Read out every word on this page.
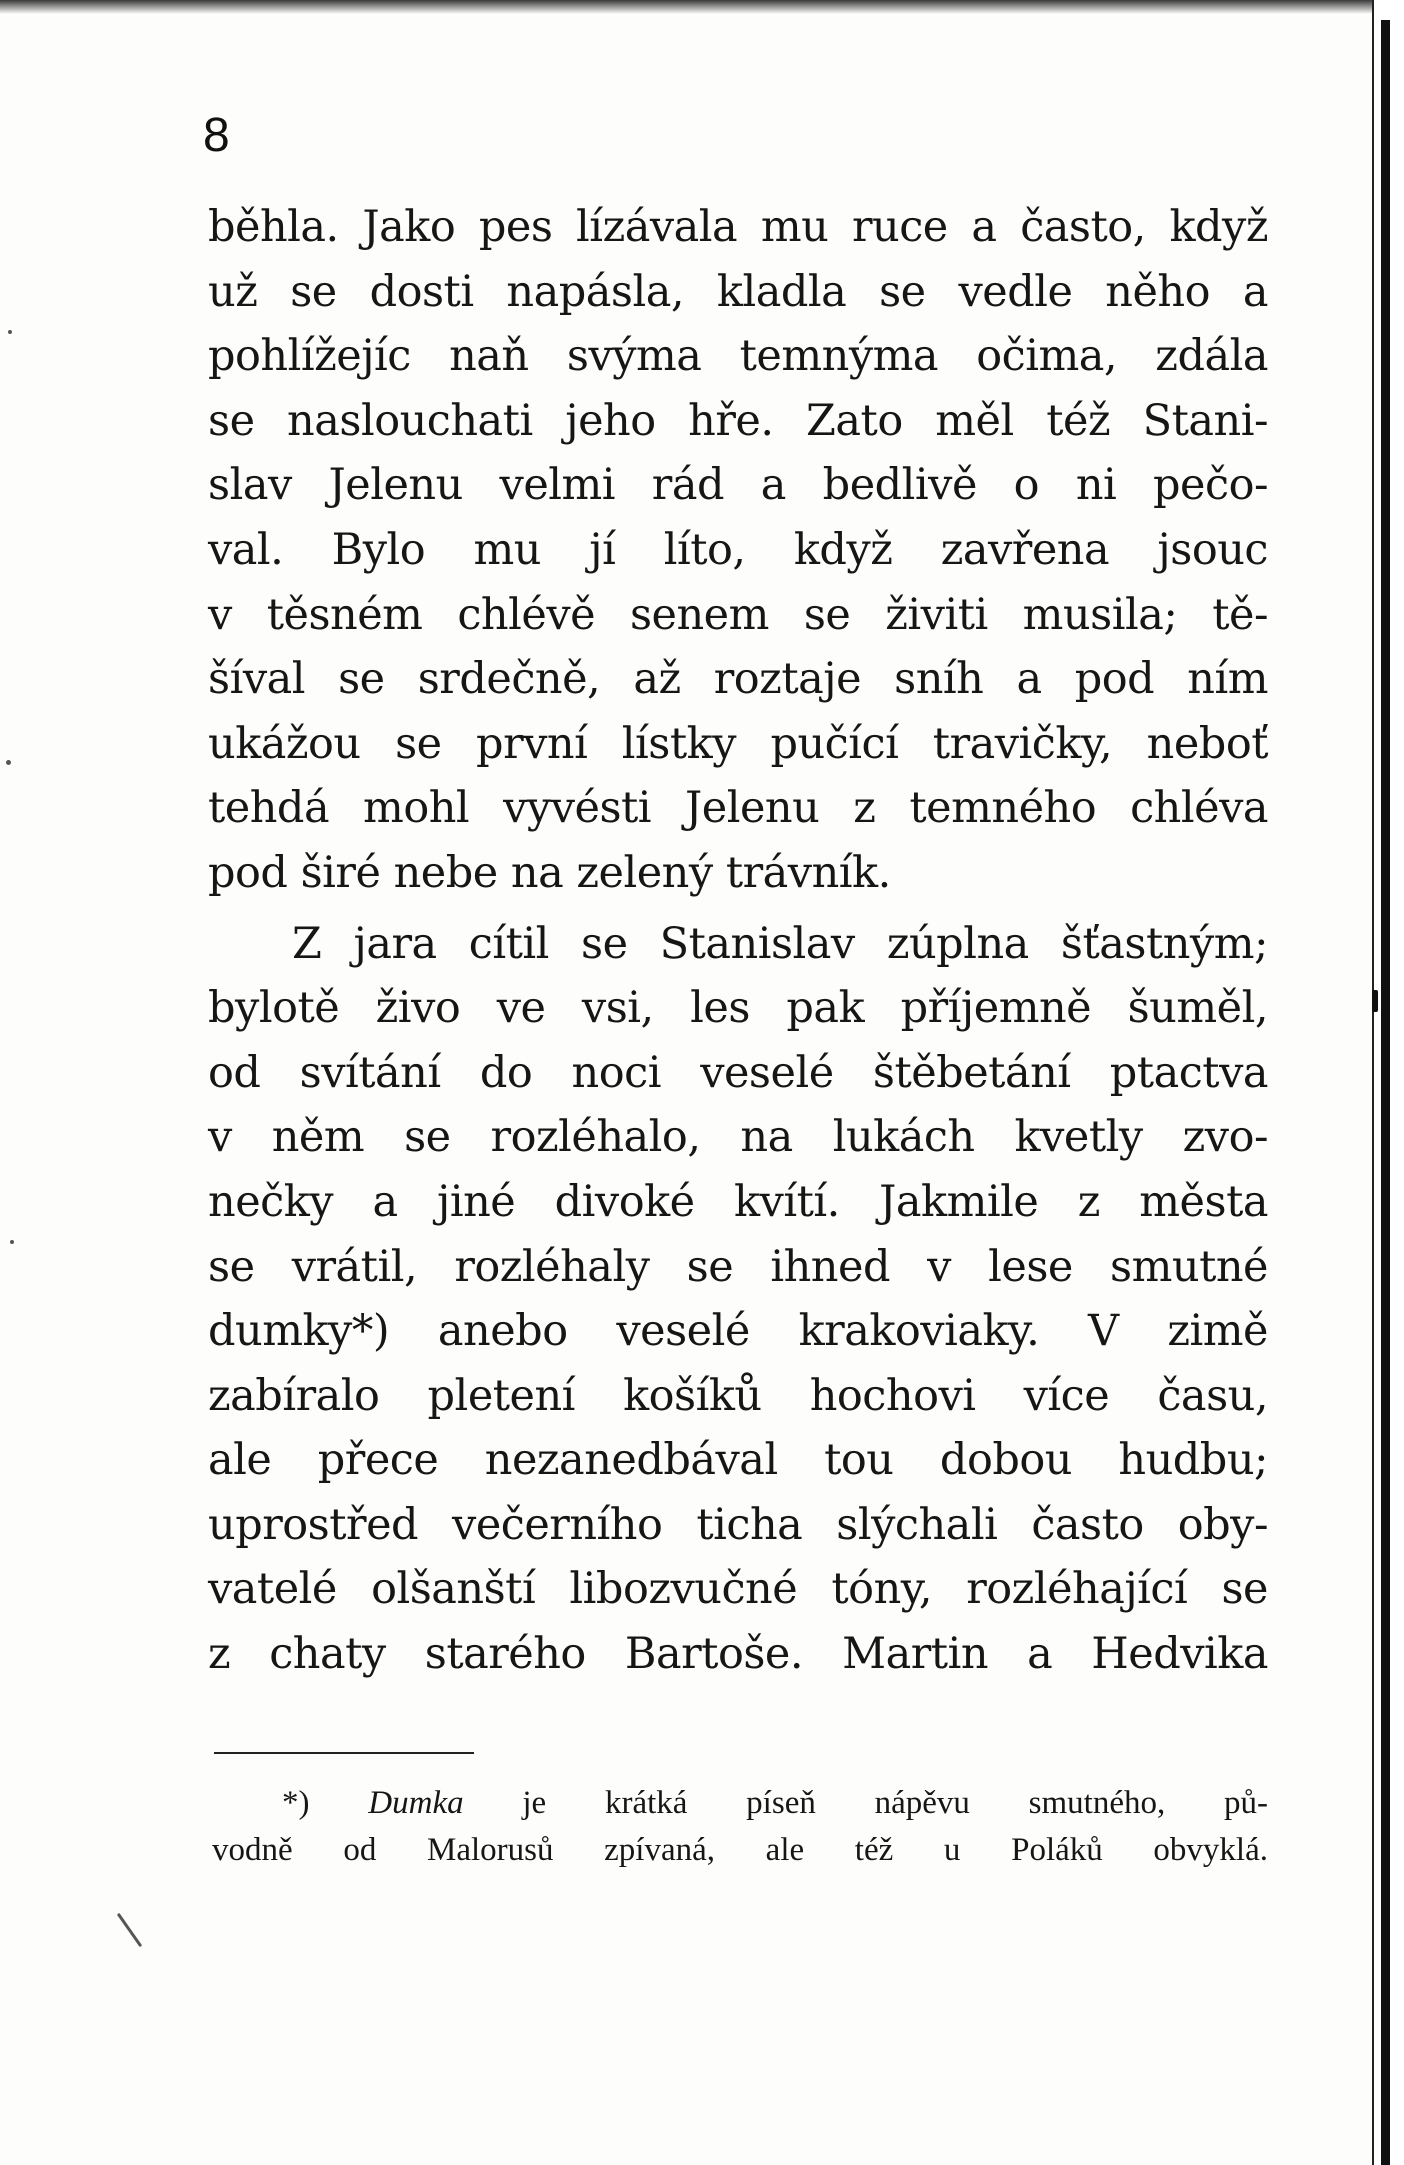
8
běhla. Jako pes lízávala mu ruce a často, když
už se dosti napásla, kladla se vedle něho a
pohlížejíc naň svýma temnýma očima, zdála
se naslouchati jeho hře. Zato měl též Stani-
slav Jelenu velmi rád a bedlivě o ni pečo-
val. Bylo mu jí líto, když zavřena jsouc
v těsném chlévě senem se živiti musila; tě-
šíval se srdečně, až roztaje sníh a pod ním
ukážou se první lístky pučící travičky, neboť
tehdá mohl vyvésti Jelenu z temného chléva
pod širé nebe na zelený trávník.
Z jara cítil se Stanislav zúplna šťastným;
bylotě živo ve vsi, les pak příjemně šuměl,
od svítání do noci veselé štěbetání ptactva
v něm se rozléhalo, na lukách kvetly zvo-
nečky a jiné divoké kvítí. Jakmile z města
se vrátil, rozléhaly se ihned v lese smutné
dumky*) anebo veselé krakoviaky. V zimě
zabíralo pletení košíků hochovi více času,
ale přece nezanedbával tou dobou hudbu;
uprostřed večerního ticha slýchali často oby-
vatelé olšanští libozvučné tóny, rozléhající se
z chaty starého Bartoše. Martin a Hedvika
*) Dumka je krátká píseň nápěvu smutného, pů-
vodně od Malorusů zpívaná, ale též u Poláků obvyklá.
